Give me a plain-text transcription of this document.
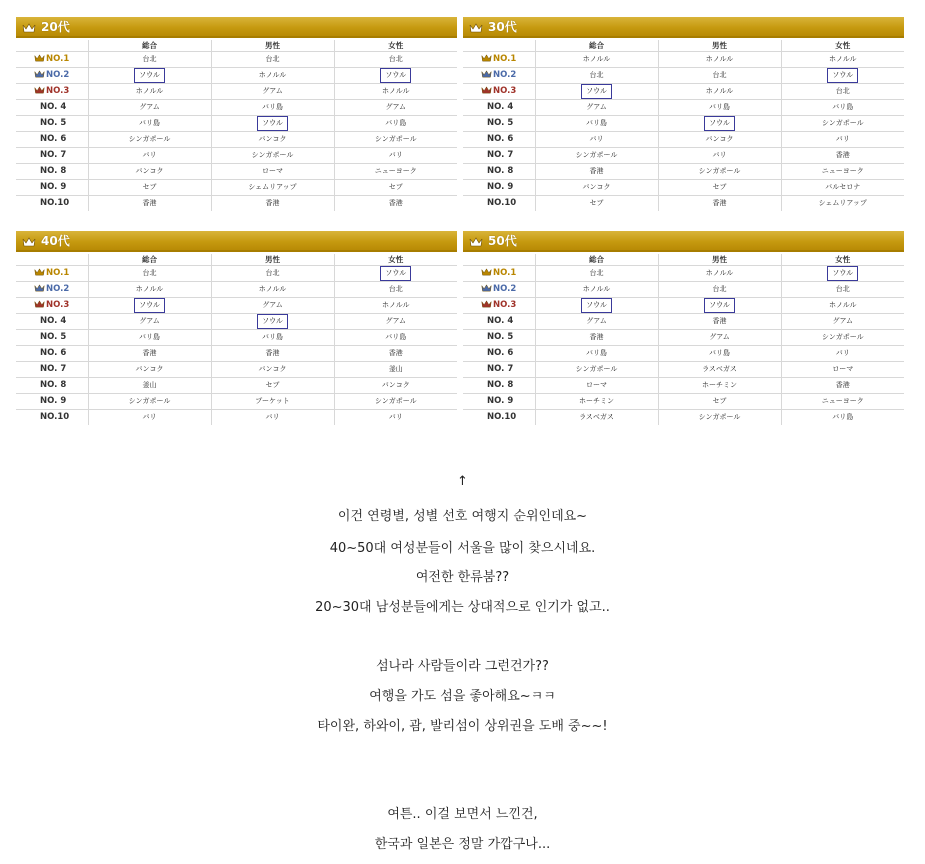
20代
	総合	男性	女性
NO.1	台北	台北	台北
NO.2	ソウル	ホノルル	ソウル
NO.3	ホノルル	グアム	ホノルル
NO. 4	グアム	バリ島	グアム
NO. 5	バリ島	ソウル	バリ島
NO. 6	シンガポール	バンコク	シンガポール
NO. 7	バリ	シンガポール	バリ
NO. 8	バンコク	ローマ	ニューヨーク
NO. 9	セブ	シェムリアップ	セブ
NO.10	香港	香港	香港
30代
	総合	男性	女性
NO.1	ホノルル	ホノルル	ホノルル
NO.2	台北	台北	ソウル
NO.3	ソウル	ホノルル	台北
NO. 4	グアム	バリ島	バリ島
NO. 5	バリ島	ソウル	シンガポール
NO. 6	バリ	バンコク	バリ
NO. 7	シンガポール	バリ	香港
NO. 8	香港	シンガポール	ニューヨーク
NO. 9	バンコク	セブ	バルセロナ
NO.10	セブ	香港	シェムリアップ
40代
	総合	男性	女性
NO.1	台北	台北	ソウル
NO.2	ホノルル	ホノルル	台北
NO.3	ソウル	グアム	ホノルル
NO. 4	グアム	ソウル	グアム
NO. 5	バリ島	バリ島	バリ島
NO. 6	香港	香港	香港
NO. 7	バンコク	バンコク	釜山
NO. 8	釜山	セブ	バンコク
NO. 9	シンガポール	プーケット	シンガポール
NO.10	バリ	バリ	バリ
50代
	総合	男性	女性
NO.1	台北	ホノルル	ソウル
NO.2	ホノルル	台北	台北
NO.3	ソウル	ソウル	ホノルル
NO. 4	グアム	香港	グアム
NO. 5	香港	グアム	シンガポール
NO. 6	バリ島	バリ島	バリ
NO. 7	シンガポール	ラスベガス	ローマ
NO. 8	ローマ	ホーチミン	香港
NO. 9	ホーチミン	セブ	ニューヨーク
NO.10	ラスベガス	シンガポール	バリ島
↑
이건 연령별, 성별 선호 여행지 순위인데요~
40~50대 여성분들이 서울을 많이 찾으시네요.
여전한 한류붐??
20~30대 남성분들에게는 상대적으로 인기가 없고..
섬나라 사람들이라 그런건가??
여행을 가도 섬을 좋아해요~ㅋㅋ
타이완, 하와이, 괌, 발리섬이 상위권을 도배 중~~!
여튼.. 이걸 보면서 느낀건,
한국과 일본은 정말 가깝구나...
